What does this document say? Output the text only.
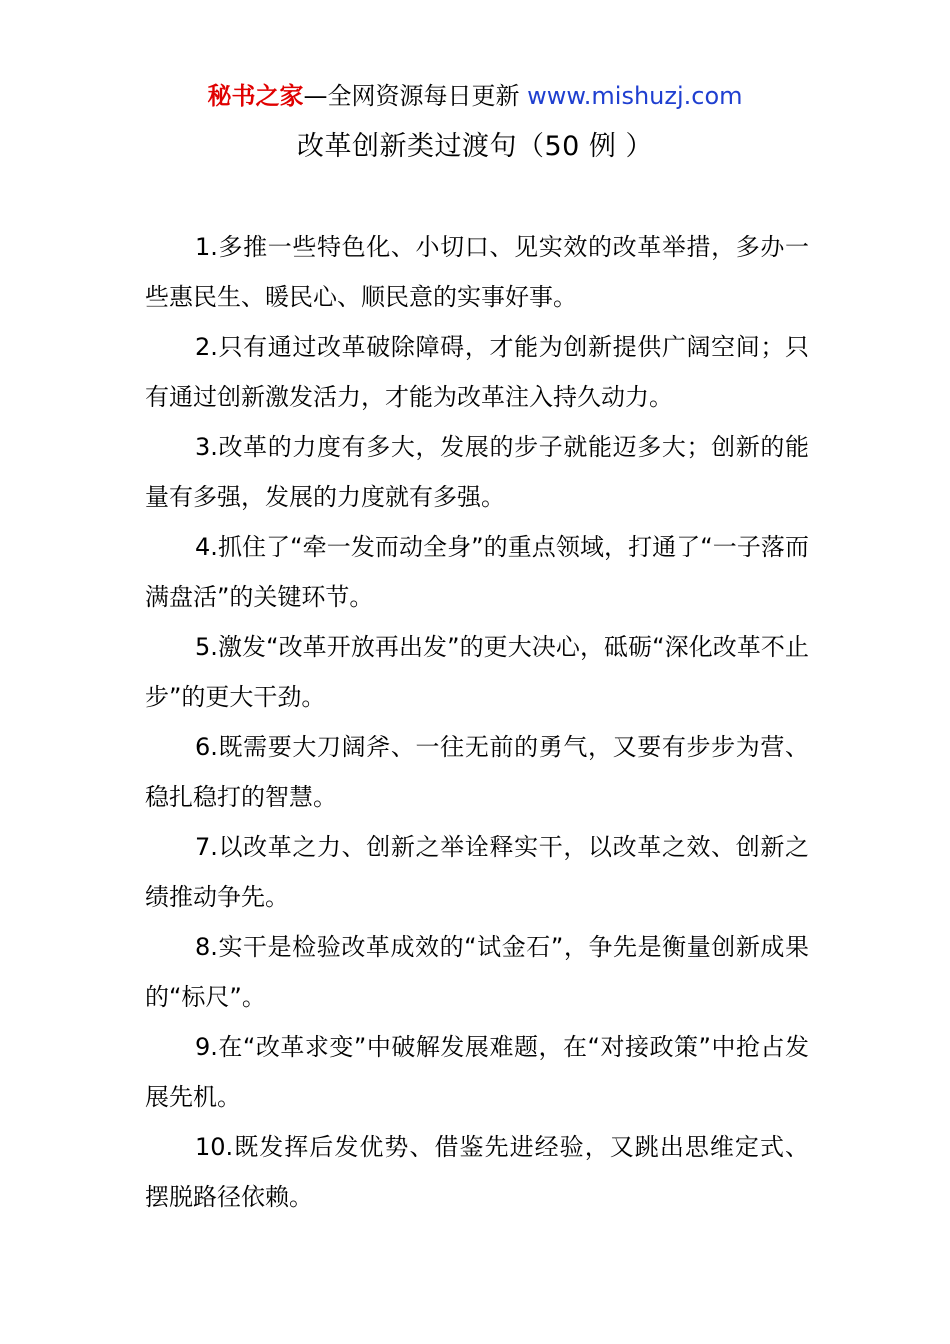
秘书之家—全网资源每日更新 www.mishuzj.com
改革创新类过渡句（50 例 ）
1.多推一些特色化、小切口、见实效的改革举措，多办一些惠民生、暖民心、顺民意的实事好事。
2.只有通过改革破除障碍，才能为创新提供广阔空间；只有通过创新激发活力，才能为改革注入持久动力。
3.改革的力度有多大，发展的步子就能迈多大；创新的能量有多强，发展的力度就有多强。
4.抓住了“牵一发而动全身”的重点领域，打通了“一子落而满盘活”的关键环节。
5.激发“改革开放再出发”的更大决心，砥砺“深化改革不止步”的更大干劲。
6.既需要大刀阔斧、一往无前的勇气，又要有步步为营、稳扎稳打的智慧。
7.以改革之力、创新之举诠释实干，以改革之效、创新之绩推动争先。
8.实干是检验改革成效的“试金石”，争先是衡量创新成果的“标尺”。
9.在“改革求变”中破解发展难题，在“对接政策”中抢占发展先机。
10.既发挥后发优势、借鉴先进经验，又跳出思维定式、摆脱路径依赖。
